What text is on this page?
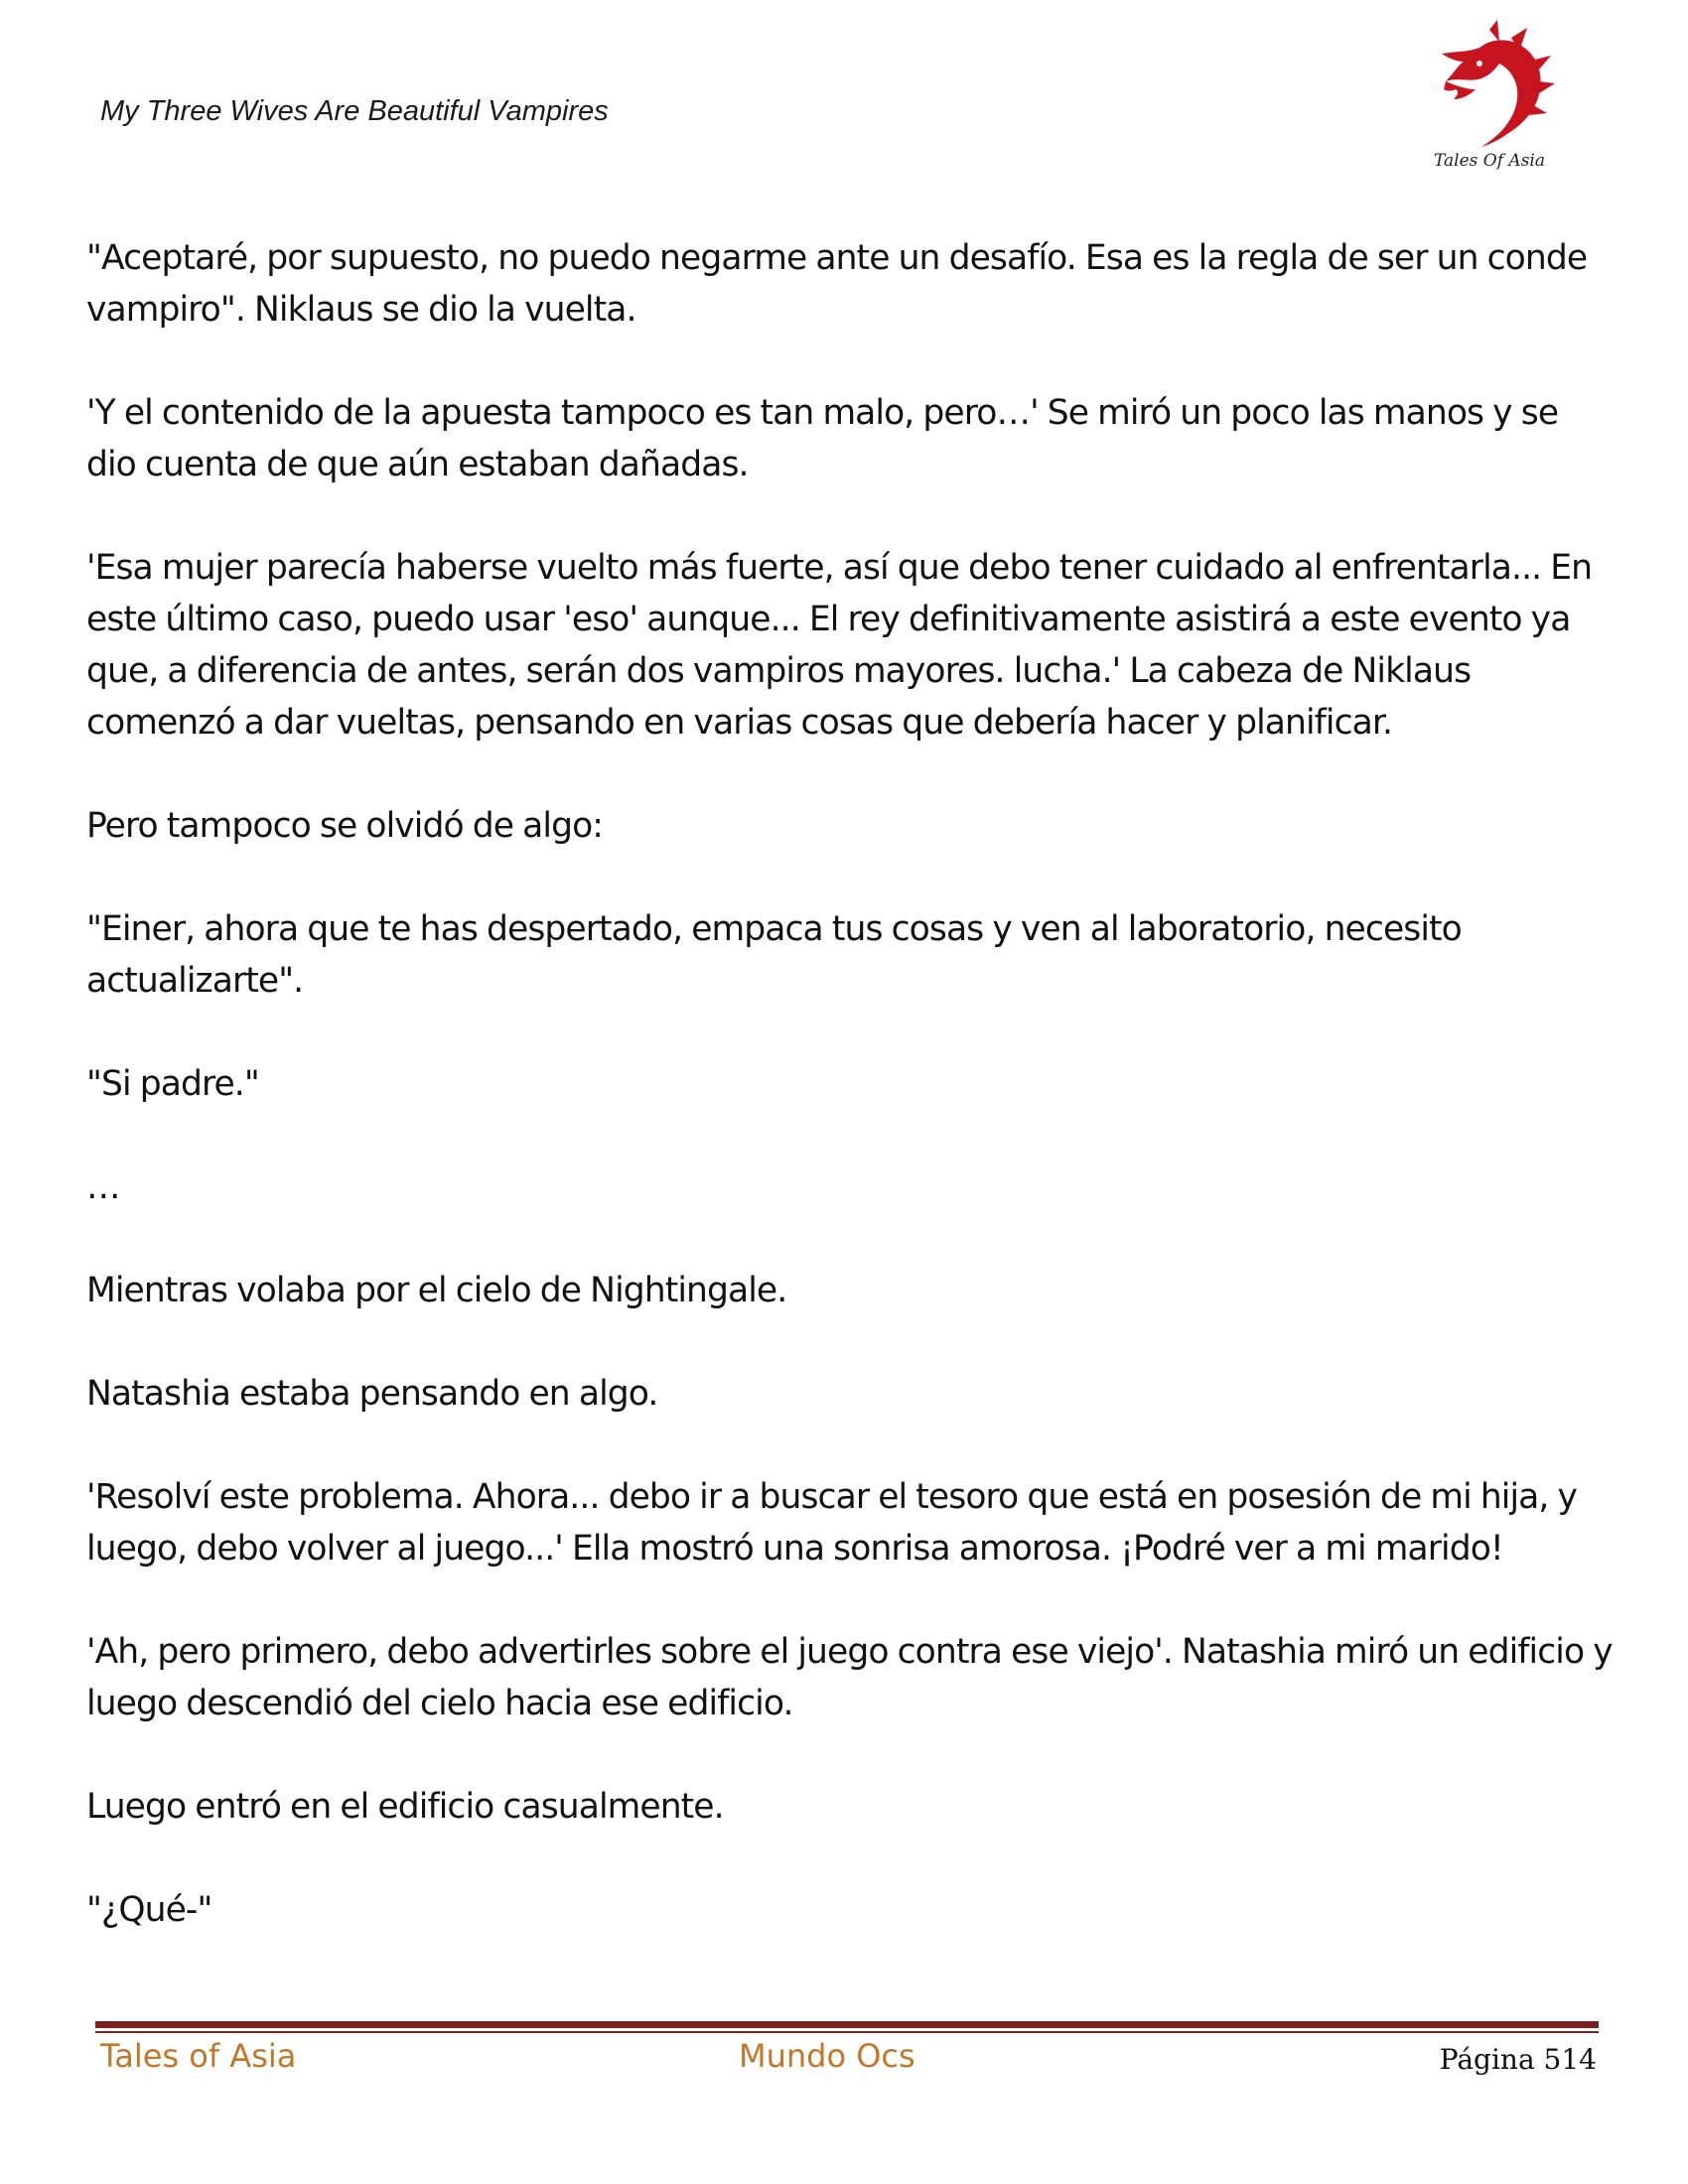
My Three Wives Are Beautiful Vampires
Tales Of Asia

"Aceptaré, por supuesto, no puedo negarme ante un desafío. Esa es la regla de ser un conde vampiro". Niklaus se dio la vuelta.

'Y el contenido de la apuesta tampoco es tan malo, pero…' Se miró un poco las manos y se dio cuenta de que aún estaban dañadas.

'Esa mujer parecía haberse vuelto más fuerte, así que debo tener cuidado al enfrentarla... En este último caso, puedo usar 'eso' aunque... El rey definitivamente asistirá a este evento ya que, a diferencia de antes, serán dos vampiros mayores. lucha.' La cabeza de Niklaus comenzó a dar vueltas, pensando en varias cosas que debería hacer y planificar.

Pero tampoco se olvidó de algo:

"Einer, ahora que te has despertado, empaca tus cosas y ven al laboratorio, necesito actualizarte".

"Si padre."

…

Mientras volaba por el cielo de Nightingale.

Natashia estaba pensando en algo.

'Resolví este problema. Ahora... debo ir a buscar el tesoro que está en posesión de mi hija, y luego, debo volver al juego...' Ella mostró una sonrisa amorosa. ¡Podré ver a mi marido!

'Ah, pero primero, debo advertirles sobre el juego contra ese viejo'. Natashia miró un edificio y luego descendió del cielo hacia ese edificio.

Luego entró en el edificio casualmente.

"¿Qué-"

Tales of Asia	Mundo Ocs	Página 514
